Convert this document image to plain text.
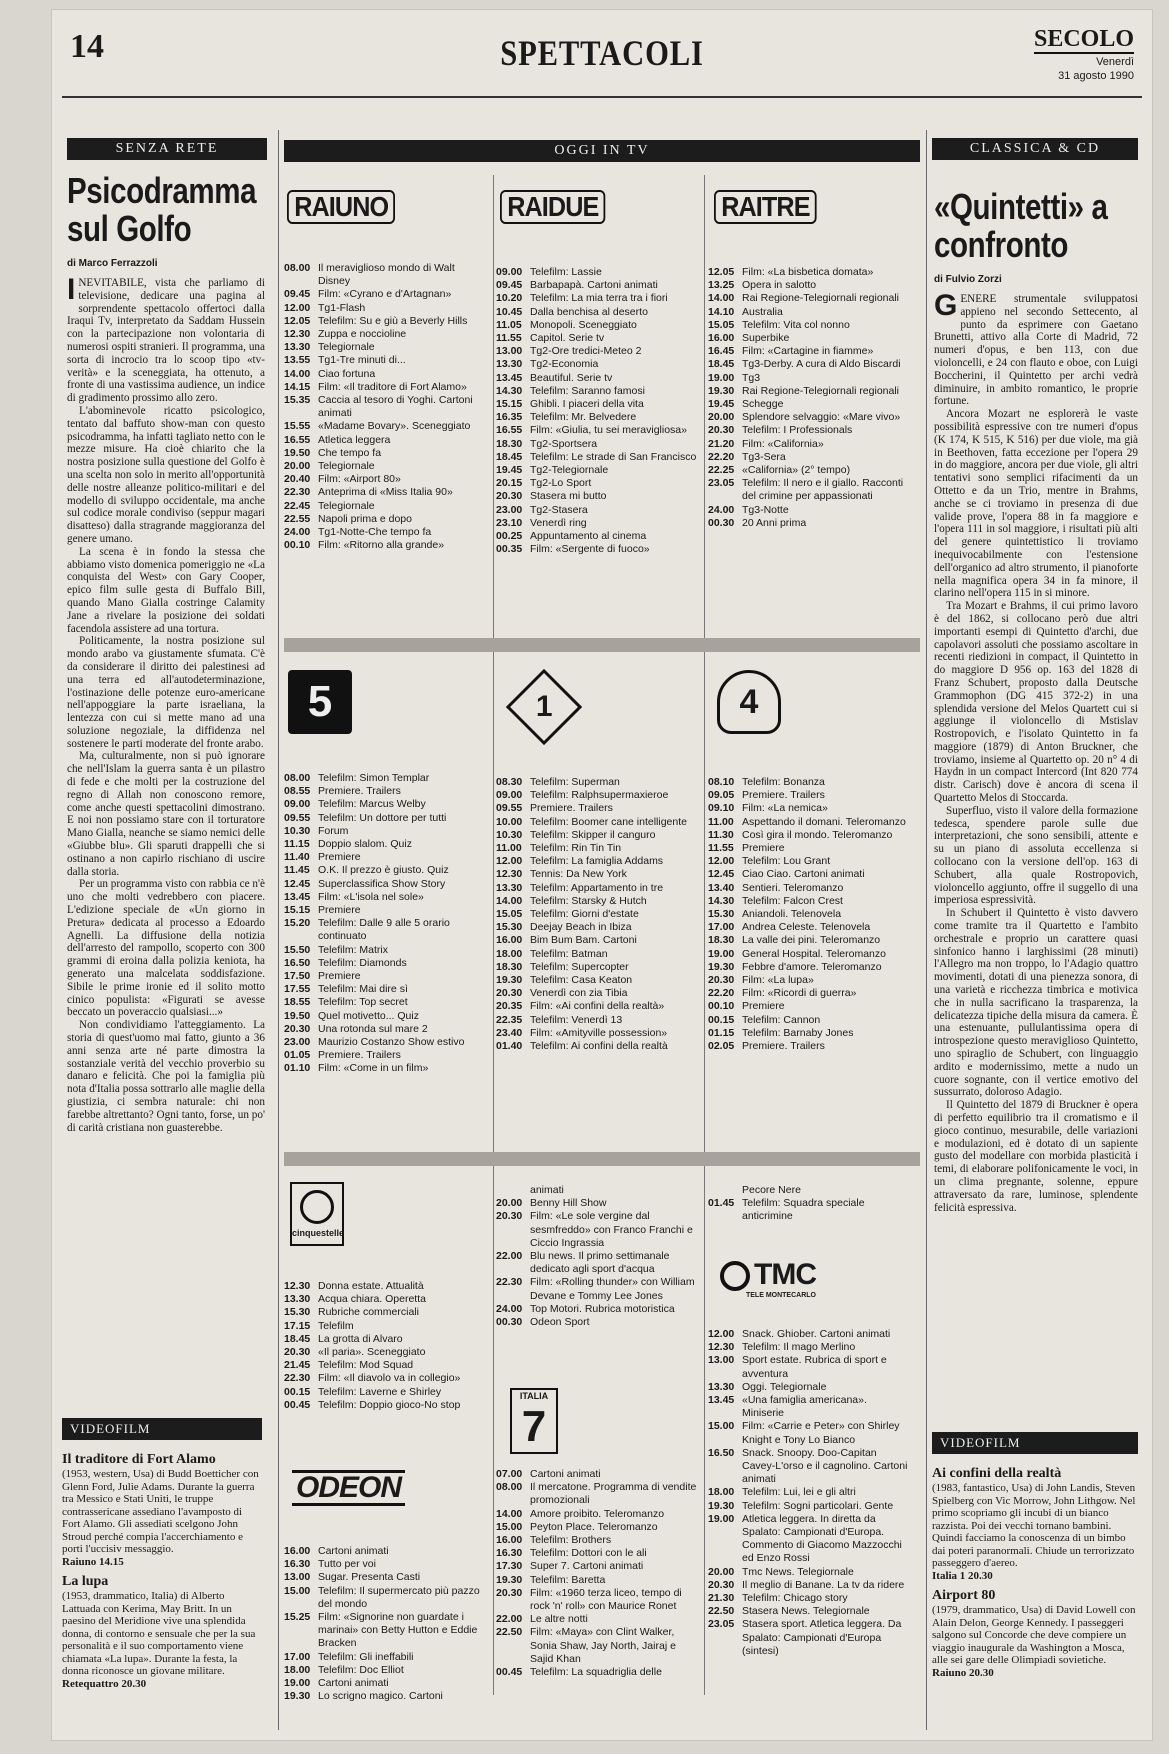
14	SPETTACOLI	SECOLO
Venerdì
31 agosto 1990
SENZA RETE
Psicodramma sul Golfo
di Marco Ferrazzoli

INEVITABILE, vista che parliamo di televisione, dedicare una pagina al sorprendente spettacolo offertoci dalla Iraqui Tv, interpretato da Saddam Hussein con la partecipazione non volontaria di numerosi ospiti stranieri. Il programma, una sorta di incrocio tra lo scoop tipo «tv-verità» e la sceneggiata, ha ottenuto, a fronte di una vastissima audience, un indice di gradimento prossimo allo zero.

L'abominevole ricatto psicologico, tentato dal baffuto show-man con questo psicodramma, ha infatti tagliato netto con le mezze misure. Ha cioè chiarito che la nostra posizione sulla questione del Golfo è una scelta non solo in merito all'opportunità delle nostre alleanze politico-militari e del modello di sviluppo occidentale, ma anche sul codice morale condiviso (seppur magari disatteso) dalla stragrande maggioranza del genere umano.

La scena è in fondo la stessa che abbiamo visto domenica pomeriggio ne «La conquista del West» con Gary Cooper, epico film sulle gesta di Buffalo Bill, quando Mano Gialla costringe Calamity Jane a rivelare la posizione dei soldati facendola assistere ad una tortura.

Politicamente, la nostra posizione sul mondo arabo va giustamente sfumata. C'è da considerare il diritto dei palestinesi ad una terra ed all'autodeterminazione, l'ostinazione delle potenze euro-americane nell'appoggiare la parte israeliana, la lentezza con cui si mette mano ad una soluzione negoziale, la diffidenza nel sostenere le parti moderate del fronte arabo.

Ma, culturalmente, non si può ignorare che nell'Islam la guerra santa è un pilastro di fede e che molti per la costruzione del regno di Allah non conoscono remore, come anche questi spettacolini dimostrano. E noi non possiamo stare con il torturatore Mano Gialla, neanche se siamo nemici delle «Giubbe blu». Gli sparuti drappelli che si ostinano a non capirlo rischiano di uscire dalla storia.

Per un programma visto con rabbia ce n'è uno che molti vedrebbero con piacere. L'edizione speciale de «Un giorno in Pretura» dedicata al processo a Edoardo Agnelli. La diffusione della notizia dell'arresto del rampollo, scoperto con 300 grammi di eroina dalla polizia keniota, ha generato una malcelata soddisfazione. Sibile le prime ironie ed il solito motto cinico populista: «Figurati se avesse beccato un poveraccio qualsiasi...»

Non condividiamo l'atteggiamento. La storia di quest'uomo mai fatto, giunto a 36 anni senza arte né parte dimostra la sostanziale verità del vecchio proverbio su danaro e felicità. Che poi la famiglia più nota d'Italia possa sottrarlo alle maglie della giustizia, ci sembra naturale: chi non farebbe altrettanto? Ogni tanto, forse, un po' di carità cristiana non guasterebbe.

VIDEOFILM
Il traditore di Fort Alamo
(1953, western, Usa) di Budd Boetticher con Glenn Ford, Julie Adams. Durante la guerra tra Messico e Stati Uniti, le truppe contrassericane assediano l'avamposto di Fort Alamo. Gli assediati scelgono John Stroud perché compia l'accerchiamento e porti l'uccisiv messaggio.
Raiuno 14.15
La lupa
(1953, drammatico, Italia) di Alberto Lattuada con Kerima, May Britt. In un paesino del Meridione vive una splendida donna, di contorno e sensuale che per la sua personalità e il suo comportamento viene chiamata «La lupa». Durante la festa, la donna riconosce un giovane militare.
Retequattro 20.30
OGGI IN TV
RAIUNO	RAIDUE	RAITRE
08.00 Il meraviglioso mondo di Walt Disney
09.45 Film: «Cyrano e d'Artagnan»
12.00 Tg1-Flash
12.05 Telefilm: Su e giù a Beverly Hills
12.30 Zuppa e noccioline
13.30 Telegiornale
13.55 Tg1-Tre minuti di...
14.00 Ciao fortuna
14.15 Film: «Il traditore di Fort Alamo»
15.35 Caccia al tesoro di Yoghi. Cartoni animati
15.55 «Madame Bovary». Sceneggiato
16.55 Atletica leggera
19.50 Che tempo fa
20.00 Telegiornale
20.40 Film: «Airport 80»
22.30 Anteprima di «Miss Italia 90»
22.45 Telegiornale
22.55 Napoli prima e dopo
24.00 Tg1-Notte-Che tempo fa
00.10 Film: «Ritorno alla grande»
09.00 Telefilm: Lassie
09.45 Barbapapà. Cartoni animati
10.20 Telefilm: La mia terra tra i fiori
10.45 Dalla benchisa al deserto
11.05 Monopoli. Sceneggiato
11.55 Capitol. Serie tv
13.00 Tg2-Ore tredici-Meteo 2
13.30 Tg2-Economia
13.45 Beautiful. Serie tv
14.30 Telefilm: Saranno famosi
15.15 Ghibli. I piaceri della vita
16.35 Telefilm: Mr. Belvedere
16.55 Film: «Giulia, tu sei meravigliosa»
18.30 Tg2-Sportsera
18.45 Telefilm: Le strade di San Francisco
19.45 Tg2-Telegiornale
20.15 Tg2-Lo Sport
20.30 Stasera mi butto
23.00 Tg2-Stasera
23.10 Venerdì ring
00.25 Appuntamento al cinema
00.35 Film: «Sergente di fuoco»
12.05 Film: «La bisbetica domata»
13.25 Opera in salotto
14.00 Rai Regione-Telegiornali regionali
14.10 Australia
15.05 Telefilm: Vita col nonno
16.00 Superbike
16.45 Film: «Cartagine in fiamme»
18.45 Tg3-Derby. A cura di Aldo Biscardi
19.00 Tg3
19.30 Rai Regione-Telegiornali regionali
19.45 Schegge
20.00 Splendore selvaggio: «Mare vivo»
20.30 Telefilm: I Professionals
21.20 Film: «California»
22.20 Tg3-Sera
22.25 «California» (2° tempo)
23.05 Telefilm: Il nero e il giallo. Racconti del crimine per appassionati
24.00 Tg3-Notte
00.30 20 Anni prima
5	1	4
08.00 Telefilm: Simon Templar
08.55 Premiere. Trailers
09.00 Telefilm: Marcus Welby
09.55 Telefilm: Un dottore per tutti
10.30 Forum
11.15 Doppio slalom. Quiz
11.40 Premiere
11.45 O.K. Il prezzo è giusto. Quiz
12.45 Superclassifica Show Story
13.45 Film: «L'isola nel sole»
15.15 Premiere
15.20 Telefilm: Dalle 9 alle 5 orario continuato
15.50 Telefilm: Matrix
16.50 Telefilm: Diamonds
17.50 Premiere
17.55 Telefilm: Mai dire sì
18.55 Telefilm: Top secret
19.50 Quel motivetto... Quiz
20.30 Una rotonda sul mare 2
23.00 Maurizio Costanzo Show estivo
01.05 Premiere. Trailers
01.10 Film: «Come in un film»
08.30 Telefilm: Superman
09.00 Telefilm: Ralphsupermaxieroe
09.55 Premiere. Trailers
10.00 Telefilm: Boomer cane intelligente
10.30 Telefilm: Skipper il canguro
11.00 Telefilm: Rin Tin Tin
12.00 Telefilm: La famiglia Addams
12.30 Tennis: Da New York
13.30 Telefilm: Appartamento in tre
14.00 Telefilm: Starsky & Hutch
15.05 Telefilm: Giorni d'estate
15.30 Deejay Beach in Ibiza
16.00 Bim Bum Bam. Cartoni
18.00 Telefilm: Batman
18.30 Telefilm: Supercopter
19.30 Telefilm: Casa Keaton
20.30 Venerdì con zia Tibia
20.35 Film: «Ai confini della realtà»
22.35 Telefilm: Venerdì 13
23.40 Film: «Amityville possession»
01.40 Telefilm: Ai confini della realtà
08.10 Telefilm: Bonanza
09.05 Premiere. Trailers
09.10 Film: «La nemica»
11.00 Aspettando il domani. Teleromanzo
11.30 Così gira il mondo. Teleromanzo
11.55 Premiere
12.00 Telefilm: Lou Grant
12.45 Ciao Ciao. Cartoni animati
13.40 Sentieri. Teleromanzo
14.30 Telefilm: Falcon Crest
15.30 Aniandoli. Telenovela
17.00 Andrea Celeste. Telenovela
18.30 La valle dei pini. Teleromanzo
19.00 General Hospital. Teleromanzo
19.30 Febbre d'amore. Teleromanzo
20.30 Film: «La lupa»
22.20 Film: «Ricordi di guerra»
00.10 Premiere
00.15 Telefilm: Cannon
01.15 Telefilm: Barnaby Jones
02.05 Premiere. Trailers
cinquestelle
12.30 Donna estate. Attualità
13.30 Acqua chiara. Operetta
15.30 Rubriche commerciali
17.15 Telefilm
18.45 La grotta di Alvaro
20.30 «Il paria». Sceneggiato
21.45 Telefilm: Mod Squad
22.30 Film: «Il diavolo va in collegio»
00.15 Telefilm: Laverne e Shirley
00.45 Telefilm: Doppio gioco-No stop
ODEON
16.00 Cartoni animati
16.30 Tutto per voi
13.00 Sugar. Presenta Casti
15.00 Telefilm: Il supermercato più pazzo del mondo
15.25 Film: «Signorine non guardate i marinai» con Betty Hutton e Eddie Bracken
17.00 Telefilm: Gli ineffabili
18.00 Telefilm: Doc Elliot
19.00 Cartoni animati
19.30 Lo scrigno magico. Cartoni
animati
20.00 Benny Hill Show
20.30 Film: «Le sole vergine dal sesmfreddo» con Franco Franchi e Ciccio Ingrassia
22.00 Blu news. Il primo settimanale dedicato agli sport d'acqua
22.30 Film: «Rolling thunder» con William Devane e Tommy Lee Jones
24.00 Top Motori. Rubrica motoristica
00.30 Odeon Sport
ITALIA
7
07.00 Cartoni animati
08.00 Il mercatone. Programma di vendite promozionali
14.00 Amore proibito. Teleromanzo
15.00 Peyton Place. Teleromanzo
16.00 Telefilm: Brothers
16.30 Telefilm: Dottori con le ali
17.30 Super 7. Cartoni animati
19.30 Telefilm: Baretta
20.30 Film: «1960 terza liceo, tempo di rock 'n' roll» con Maurice Ronet
22.00 Le altre notti
22.50 Film: «Maya» con Clint Walker, Sonia Shaw, Jay North, Jairaj e Sajid Khan
00.45 Telefilm: La squadriglia delle
Pecore Nere
01.45 Telefilm: Squadra speciale anticrimine
TMC
TELE MONTECARLO
12.00 Snack. Ghiober. Cartoni animati
12.30 Telefilm: Il mago Merlino
13.00 Sport estate. Rubrica di sport e avventura
13.30 Oggi. Telegiornale
13.45 «Una famiglia americana». Miniserie
15.00 Film: «Carrie e Peter» con Shirley Knight e Tony Lo Bianco
16.50 Snack. Snoopy. Doo-Capitan Cavey-L'orso e il cagnolino. Cartoni animati
18.00 Telefilm: Lui, lei e gli altri
19.30 Telefilm: Sogni particolari. Gente
19.00 Atletica leggera. In diretta da Spalato: Campionati d'Europa. Commento di Giacomo Mazzocchi ed Enzo Rossi
20.00 Tmc News. Telegiornale
20.30 Il meglio di Banane. La tv da ridere
21.30 Telefilm: Chicago story
22.50 Stasera News. Telegiornale
23.05 Stasera sport. Atletica leggera. Da Spalato: Campionati d'Europa (sintesi)
CLASSICA & CD
«Quintetti» a confronto
di Fulvio Zorzi

GENERE strumentale sviluppatosi appieno nel secondo Settecento, al punto da esprimere con Gaetano Brunetti, attivo alla Corte di Madrid, 72 numeri d'opus, e ben 113, con due violoncelli, e 24 con flauto e oboe, con Luigi Boccherini, il Quintetto per archi vedrà diminuire, in ambito romantico, le proprie fortune.

Ancora Mozart ne esplorerà le vaste possibilità espressive con tre numeri d'opus (K 174, K 515, K 516) per due viole, ma già in Beethoven, fatta eccezione per l'opera 29 in do maggiore, ancora per due viole, gli altri tentativi sono semplici rifacimenti da un Ottetto e da un Trio, mentre in Brahms, anche se ci troviamo in presenza di due valide prove, l'opera 88 in fa maggiore e l'opera 111 in sol maggiore, i risultati più alti del genere quintettistico li troviamo inequivocabilmente con l'estensione dell'organico ad altro strumento, il pianoforte nella magnifica opera 34 in fa minore, il clarino nell'opera 115 in si minore.

Tra Mozart e Brahms, il cui primo lavoro è del 1862, si collocano però due altri importanti esempi di Quintetto d'archi, due capolavori assoluti che possiamo ascoltare in recenti riedizioni in compact, il Quintetto in do maggiore D 956 op. 163 del 1828 di Franz Schubert, proposto dalla Deutsche Grammophon (DG 415 372-2) in una splendida versione del Melos Quartett cui si aggiunge il violoncello di Mstislav Rostropovich, e l'isolato Quintetto in fa maggiore (1879) di Anton Bruckner, che troviamo, insieme al Quartetto op. 20 n° 4 di Haydn in un compact Intercord (Int 820 774 distr. Carisch) dove è ancora di scena il Quartetto Melos di Stoccarda.

Superfluo, visto il valore della formazione tedesca, spendere parole sulle due interpretazioni, che sono sensibili, attente e su un piano di assoluta eccellenza si collocano con la versione dell'op. 163 di Schubert, alla quale Rostropovich, violoncello aggiunto, offre il suggello di una imperiosa espressività.

In Schubert il Quintetto è visto davvero come tramite tra il Quartetto e l'ambito orchestrale e proprio un carattere quasi sinfonico hanno i larghissimi (28 minuti) l'Allegro ma non troppo, lo l'Adagio quattro movimenti, dotati di una pienezza sonora, di una varietà e ricchezza timbrica e motivica che in nulla sacrificano la trasparenza, la delicatezza tipiche della misura da camera. È una estenuante, pullulantissima opera di introspezione questo meraviglioso Quintetto, uno spiraglio de Schubert, con linguaggio ardito e modernissimo, mette a nudo un cuore sognante, con il vertice emotivo del sussurrato, doloroso Adagio.

Il Quintetto del 1879 di Bruckner è opera di perfetto equilibrio tra il cromatismo e il gioco continuo, mesurabile, delle variazioni e modulazioni, ed è dotato di un sapiente gusto del modellare con morbida plasticità i temi, di elaborare polifonicamente le voci, in un clima pregnante, solenne, eppure attraversato da rare, luminose, splendente felicità espressiva.

VIDEOFILM
Ai confini della realtà
(1983, fantastico, Usa) di John Landis, Steven Spielberg con Vic Morrow, John Lithgow. Nel primo scopriamo gli incubi di un bianco razzista. Poi dei vecchi tornano bambini. Quindi facciamo la conoscenza di un bimbo dai poteri paranormali. Chiude un terrorizzato passeggero d'aereo.
Italia 1 20.30
Airport 80
(1979, drammatico, Usa) di David Lowell con Alain Delon, George Kennedy. I passeggeri salgono sul Concorde che deve compiere un viaggio inaugurale da Washington a Mosca, alle sei gare delle Olimpiadi sovietiche.
Raiuno 20.30
